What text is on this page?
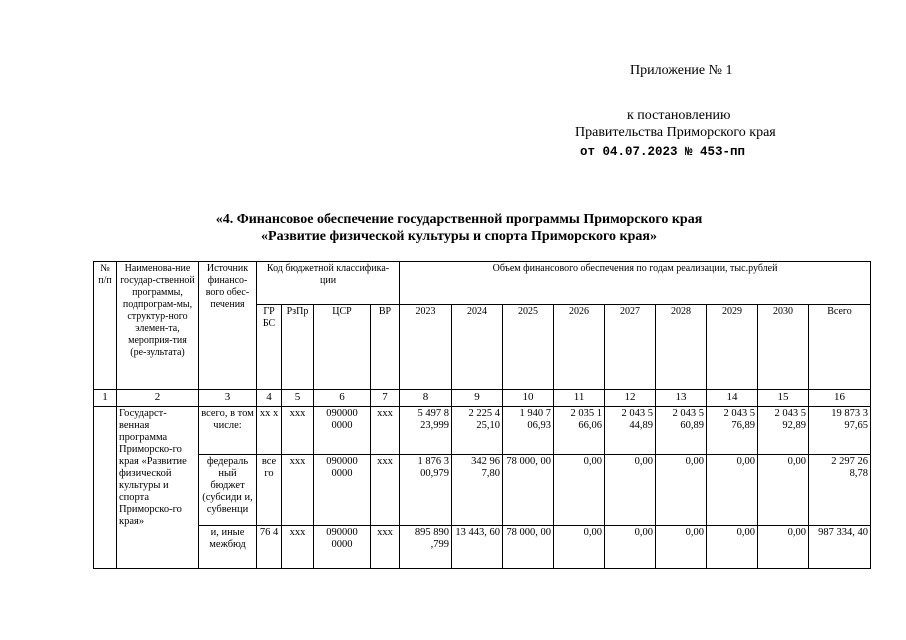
Приложение № 1
к постановлению
Правительства Приморского края
от 04.07.2023 № 453-пп
«4. Финансовое обеспечение государственной программы Приморского края
«Развитие физической культуры и спорта Приморского края»
№ п/п	Наименова-ние государ-ственной программы, подпрограм-мы, структур-ного элемен-та, мероприя-тия (ре-зультата)	Источник финансо-вого обес-печения	Код бюджетной классифика-ции				Объем финансового обеспечения по годам реализации, тыс.рублей								
			ГР БС	РзПр	ЦСР	ВР	2023	2024	2025	2026	2027	2028	2029	2030	Всего
1	2	3	4	5	6	7	8	9	10	11	12	13	14	15	16
	Государст-венная программа Приморско-го края «Развитие физической культуры и спорта Приморско-го края»	всего, в том числе:	хх х	ххх	090000 0000	ххх	5 497 8 23,999	2 225 4 25,10	1 940 7 06,93	2 035 1 66,06	2 043 5 44,89	2 043 5 60,89	2 043 5 76,89	2 043 5 92,89	19 873 3 97,65
		федераль ный бюджет (субсиди и, субвенци	все го	ххх	090000 0000	ххх	1 876 3 00,979	342 96 7,80	78 000, 00	0,00	0,00	0,00	0,00	0,00	2 297 26 8,78
		и, иные межбюд	76 4	ххх	090000 0000	ххх	895 890 ,799	13 443, 60	78 000, 00	0,00	0,00	0,00	0,00	0,00	987 334, 40
